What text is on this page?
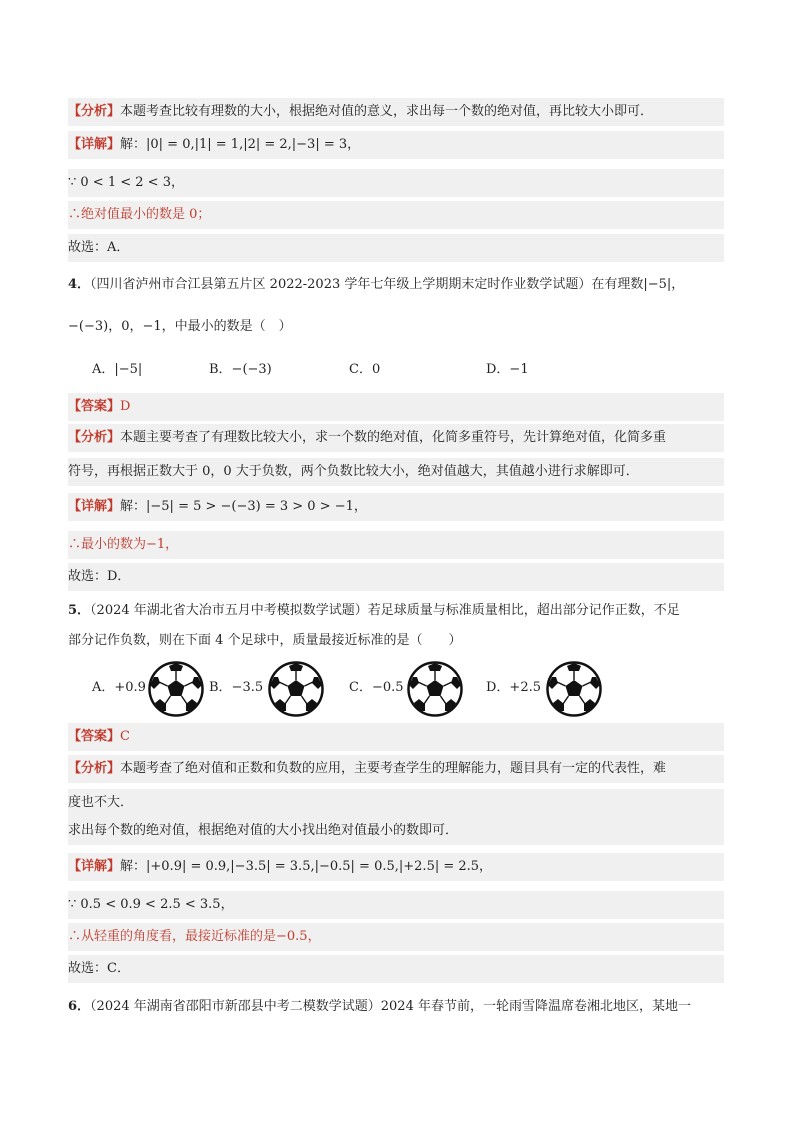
【分析】本题考查比较有理数的大小，根据绝对值的意义，求出每一个数的绝对值，再比较大小即可．
【详解】解：|0| = 0,|1| = 1,|2| = 2,|−3| = 3，
∵ 0 < 1 < 2 < 3，
∴绝对值最小的数是 0；
故选：A．
4．（四川省泸州市合江县第五片区 2022-2023 学年七年级上学期期末定时作业数学试题）在有理数|−5|，
−(−3)，0，−1，中最小的数是（　）
A．|−5|	B．−(−3)	C．0	D．−1
【答案】D
【分析】本题主要考查了有理数比较大小，求一个数的绝对值，化简多重符号，先计算绝对值，化简多重
符号，再根据正数大于 0，0 大于负数，两个负数比较大小，绝对值越大，其值越小进行求解即可．
【详解】解：|−5| = 5 > −(−3) = 3 > 0 > −1，
∴最小的数为−1，
故选：D．
5．（2024 年湖北省大冶市五月中考模拟数学试题）若足球质量与标准质量相比，超出部分记作正数，不足
部分记作负数，则在下面 4 个足球中，质量最接近标准的是（　　）
A．+0.9	B．−3.5	C．−0.5	D．+2.5
【答案】C
【分析】本题考查了绝对值和正数和负数的应用，主要考查学生的理解能力，题目具有一定的代表性，难
度也不大．
求出每个数的绝对值，根据绝对值的大小找出绝对值最小的数即可．
【详解】解：|+0.9| = 0.9,|−3.5| = 3.5,|−0.5| = 0.5,|+2.5| = 2.5，
∵ 0.5 < 0.9 < 2.5 < 3.5，
∴从轻重的角度看，最接近标准的是−0.5，
故选：C．
6．（2024 年湖南省邵阳市新邵县中考二模数学试题）2024 年春节前，一轮雨雪降温席卷湘北地区，某地一
